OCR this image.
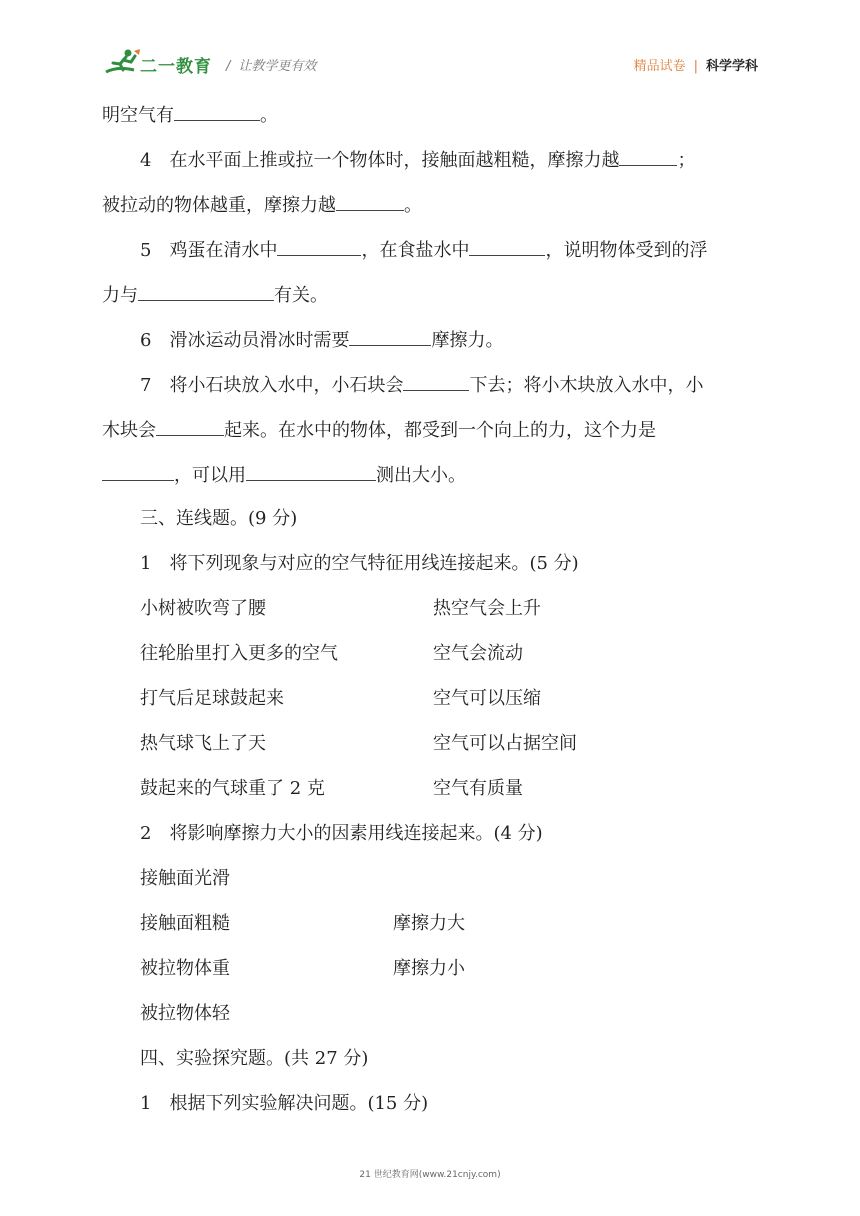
二一教育 / 让教学更有效	精品试卷 | 科学学科
明空气有	。
4　在水平面上推或拉一个物体时，接触面越粗糙，摩擦力越	；
被拉动的物体越重，摩擦力越	。
5　鸡蛋在清水中	，在食盐水中	，说明物体受到的浮
力与	有关。
6　滑冰运动员滑冰时需要	摩擦力。
7　将小石块放入水中，小石块会	下去；将小木块放入水中，小
木块会	起来。在水中的物体，都受到一个向上的力，这个力是
，可以用	测出大小。
三、连线题。(9 分)
1　将下列现象与对应的空气特征用线连接起来。(5 分)
小树被吹弯了腰	热空气会上升
往轮胎里打入更多的空气	空气会流动
打气后足球鼓起来	空气可以压缩
热气球飞上了天	空气可以占据空间
鼓起来的气球重了 2 克	空气有质量
2　将影响摩擦力大小的因素用线连接起来。(4 分)
接触面光滑
接触面粗糙	摩擦力大
被拉物体重	摩擦力小
被拉物体轻
四、实验探究题。(共 27 分)
1　根据下列实验解决问题。(15 分)
21 世纪教育网(www.21cnjy.com)
